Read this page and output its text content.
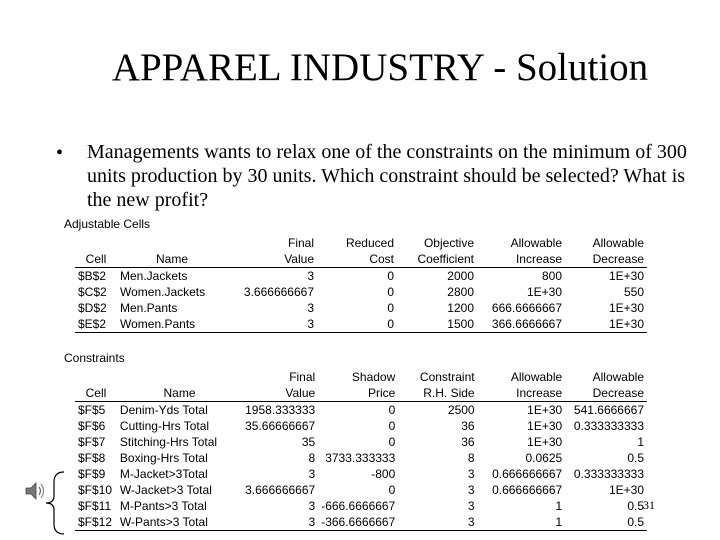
APPAREL INDUSTRY - Solution
• Managements wants to relax one of the constraints on the minimum of 300 units production by 30 units. Which constraint should be selected? What is the new profit?
Adjustable Cells
		Final	Reduced	Objective	Allowable	Allowable
Cell	Name	Value	Cost	Coefficient	Increase	Decrease
$B$2	Men.Jackets	3	0	2000	800	1E+30
$C$2	Women.Jackets	3.666666667	0	2800	1E+30	550
$D$2	Men.Pants	3	0	1200	666.6666667	1E+30
$E$2	Women.Pants	3	0	1500	366.6666667	1E+30
Constraints
		Final	Shadow	Constraint	Allowable	Allowable
Cell	Name	Value	Price	R.H. Side	Increase	Decrease
$F$5	Denim-Yds Total	1958.333333	0	2500	1E+30	541.6666667
$F$6	Cutting-Hrs Total	35.66666667	0	36	1E+30	0.333333333
$F$7	Stitching-Hrs Total	35	0	36	1E+30	1
$F$8	Boxing-Hrs Total	8	3733.333333	8	0.0625	0.5
$F$9	M-Jacket>3Total	3	-800	3	0.666666667	0.333333333
$F$10	W-Jacket>3 Total	3.666666667	0	3	0.666666667	1E+30
$F$11	M-Pants>3 Total	3	-666.6666667	3	1	0.5
$F$12	W-Pants>3 Total	3	-366.6666667	3	1	0.5
31
